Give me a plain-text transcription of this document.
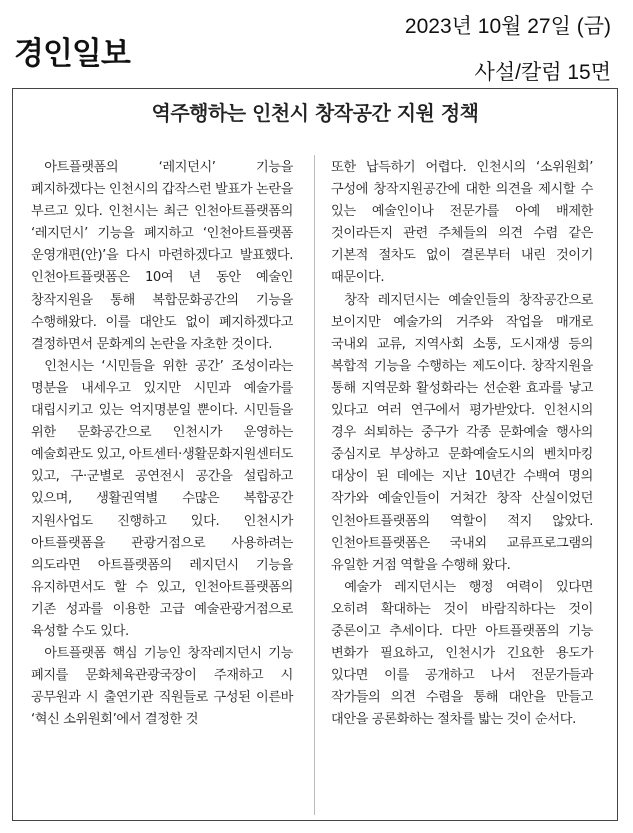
경인일보
2023년 10월 27일 (금)
사설/칼럼 15면
역주행하는 인천시 창작공간 지원 정책

아트플랫폼의 ‘레지던시’ 기능을 폐지하겠다는 인천시의 갑작스런 발표가 논란을 부르고 있다. 인천시는 최근 인천아트플랫폼의 ‘레지던시’ 기능을 폐지하고 ‘인천아트플랫폼 운영개편(안)’을 다시 마련하겠다고 발표했다. 인천아트플랫폼은 10여 년 동안 예술인 창작지원을 통해 복합문화공간의 기능을 수행해왔다. 이를 대안도 없이 폐지하겠다고 결정하면서 문화계의 논란을 자초한 것이다.

인천시는 ‘시민들을 위한 공간’ 조성이라는 명분을 내세우고 있지만 시민과 예술가를 대립시키고 있는 억지명분일 뿐이다. 시민들을 위한 문화공간으로 인천시가 운영하는 예술회관도 있고, 아트센터·생활문화지원센터도 있고, 구·군별로 공연전시 공간을 설립하고 있으며, 생활권역별 수많은 복합공간 지원사업도 진행하고 있다. 인천시가 아트플랫폼을 관광거점으로 사용하려는 의도라면 아트플랫폼의 레지던시 기능을 유지하면서도 할 수 있고, 인천아트플랫폼의 기존 성과를 이용한 고급 예술관광거점으로 육성할 수도 있다.

아트플랫폼 핵심 기능인 창작레지던시 기능 폐지를 문화체육관광국장이 주재하고 시 공무원과 시 출연기관 직원들로 구성된 이른바 ‘혁신 소위원회’에서 결정한 것

또한 납득하기 어렵다. 인천시의 ‘소위원회’ 구성에 창작지원공간에 대한 의견을 제시할 수 있는 예술인이나 전문가를 아예 배제한 것이라든지 관련 주체들의 의견 수렴 같은 기본적 절차도 없이 결론부터 내린 것이기 때문이다.

창작 레지던시는 예술인들의 창작공간으로 보이지만 예술가의 거주와 작업을 매개로 국내외 교류, 지역사회 소통, 도시재생 등의 복합적 기능을 수행하는 제도이다. 창작지원을 통해 지역문화 활성화라는 선순환 효과를 낳고 있다고 여러 연구에서 평가받았다. 인천시의 경우 쇠퇴하는 중구가 각종 문화예술 행사의 중심지로 부상하고 문화예술도시의 벤치마킹 대상이 된 데에는 지난 10년간 수백여 명의 작가와 예술인들이 거쳐간 창작 산실이었던 인천아트플랫폼의 역할이 적지 않았다. 인천아트플랫폼은 국내외 교류프로그램의 유일한 거점 역할을 수행해 왔다.

예술가 레지던시는 행정 여력이 있다면 오히려 확대하는 것이 바람직하다는 것이 중론이고 추세이다. 다만 아트플랫폼의 기능 변화가 필요하고, 인천시가 긴요한 용도가 있다면 이를 공개하고 나서 전문가들과 작가들의 의견 수렴을 통해 대안을 만들고 대안을 공론화하는 절차를 밟는 것이 순서다.
